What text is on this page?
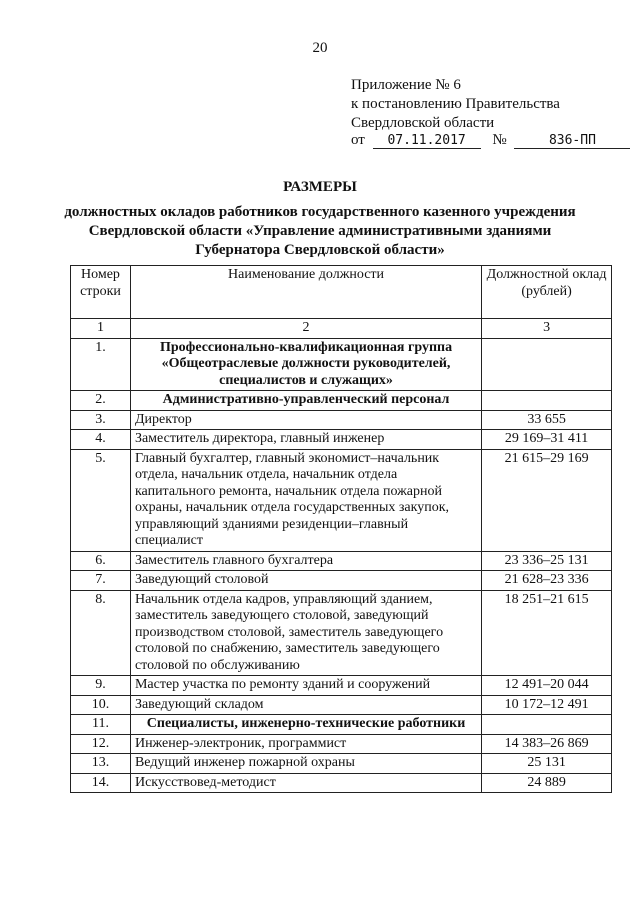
20
Приложение № 6
к постановлению Правительства
Свердловской области
от 07.11.2017 №	836-ПП
РАЗМЕРЫ
должностных окладов работников государственного казенного учреждения
Свердловской области «Управление административными зданиями
Губернатора Свердловской области»
Номер строки	Наименование должности	Должностной оклад (рублей)
1	2	3
1.	Профессионально-квалификационная группа «Общеотраслевые должности руководителей, специалистов и служащих»	
2.	Административно-управленческий персонал	
3.	Директор	33 655
4.	Заместитель директора, главный инженер	29 169–31 411
5.	Главный бухгалтер, главный экономист–начальник отдела, начальник отдела, начальник отдела капитального ремонта, начальник отдела пожарной охраны, начальник отдела государственных закупок, управляющий зданиями резиденции–главный специалист	21 615–29 169
6.	Заместитель главного бухгалтера	23 336–25 131
7.	Заведующий столовой	21 628–23 336
8.	Начальник отдела кадров, управляющий зданием, заместитель заведующего столовой, заведующий производством столовой, заместитель заведующего столовой по снабжению, заместитель заведующего столовой по обслуживанию	18 251–21 615
9.	Мастер участка по ремонту зданий и сооружений	12 491–20 044
10.	Заведующий складом	10 172–12 491
11.	Специалисты, инженерно-технические работники	
12.	Инженер-электроник, программист	14 383–26 869
13.	Ведущий инженер пожарной охраны	25 131
14.	Искусствовед-методист	24 889
